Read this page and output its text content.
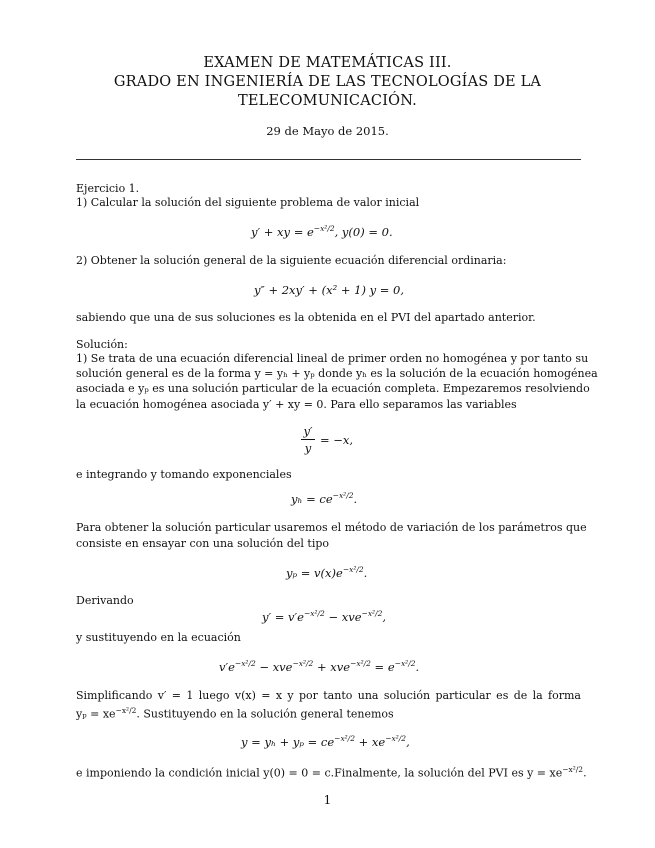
EXAMEN DE MATEMÁTICAS III.
GRADO EN INGENIERÍA DE LAS TECNOLOGÍAS DE LA
TELECOMUNICACIÓN.
29 de Mayo de 2015.
Ejercicio 1.
1) Calcular la solución del siguiente problema de valor inicial
y′ + xy = $e^{-x^2/2}$, y(0) = 0.
2) Obtener la solución general de la siguiente ecuación diferencial ordinaria:
y″ + 2xy′ + (x² + 1) y = 0,
sabiendo que una de sus soluciones es la obtenida en el PVI del apartado anterior.
Solución:
1) Se trata de una ecuación diferencial lineal de primer orden no homogénea y por tanto su
solución general es de la forma y = yₕ + yₚ donde yₕ es la solución de la ecuación homogénea
asociada e yₚ es una solución particular de la ecuación completa. Empezaremos resolviendo
la ecuación homogénea asociada y′ + xy = 0. Para ello separamos las variables
y′
y
= −x,
e integrando y tomando exponenciales
$y_h = ce^{-x^2/2}$.
Para obtener la solución particular usaremos el método de variación de los parámetros que
consiste en ensayar con una solución del tipo
$y_p = v(x)e^{-x^2/2}$.
Derivando
$y' = v'e^{-x^2/2} - xve^{-x^2/2}$,
y sustituyendo en la ecuación
$v'e^{-x^2/2} - xve^{-x^2/2} + xve^{-x^2/2} = e^{-x^2/2}$.
Simplificando v′ = 1 luego v(x) = x y por tanto una solución particular es de la forma
$y_p = xe^{-x^2/2}$. Sustituyendo en la solución general tenemos
$y = y_h + y_p = ce^{-x^2/2} + xe^{-x^2/2}$,
e imponiendo la condición inicial y(0) = 0 = c.Finalmente, la solución del PVI es $y = xe^{-x^2/2}$.
1
